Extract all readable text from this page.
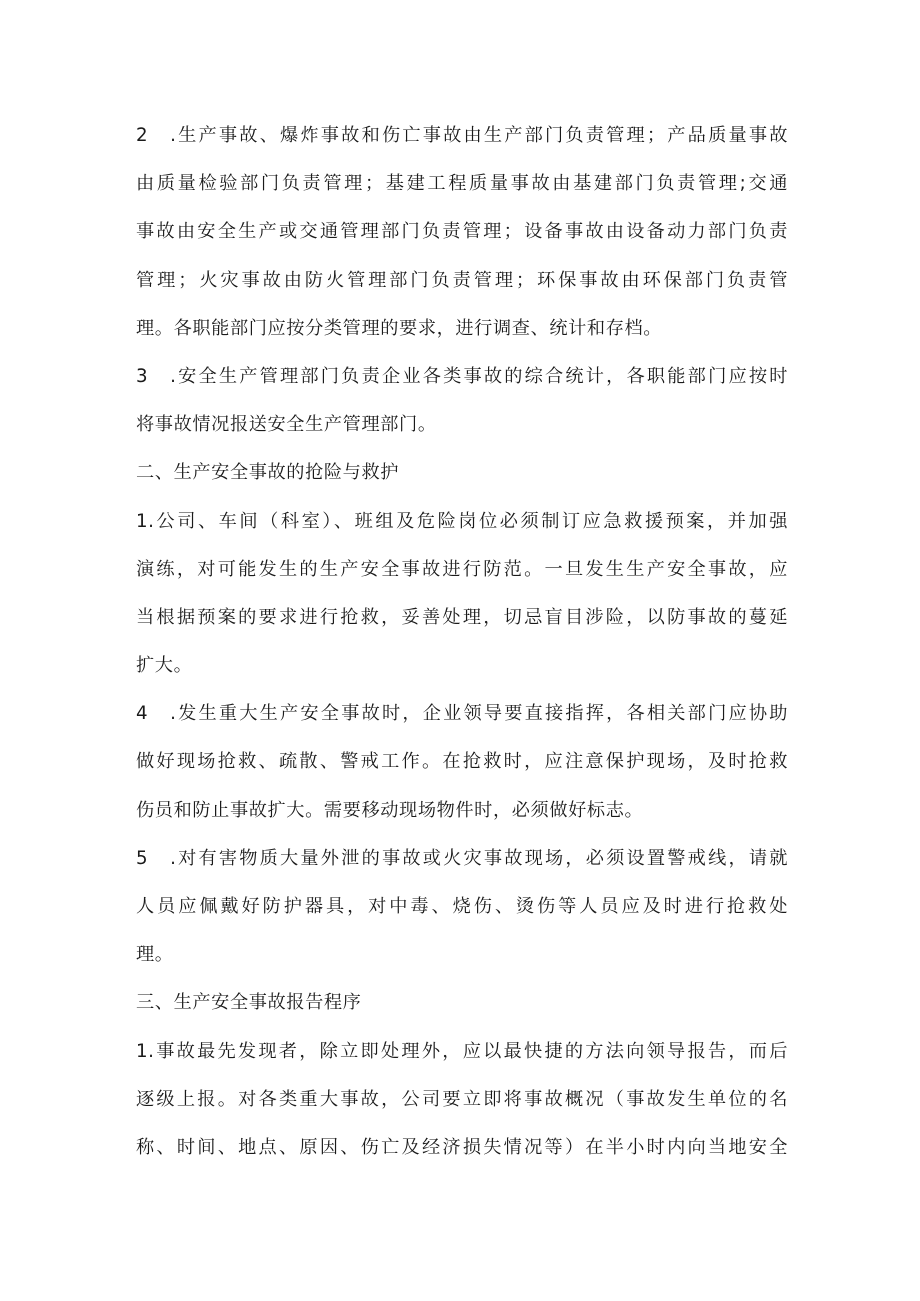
2　.生产事故、爆炸事故和伤亡事故由生产部门负责管理；产品质量事故
由质量检验部门负责管理；基建工程质量事故由基建部门负责管理;交通
事故由安全生产或交通管理部门负责管理；设备事故由设备动力部门负责
管理；火灾事故由防火管理部门负责管理；环保事故由环保部门负责管
理。各职能部门应按分类管理的要求，进行调查、统计和存档。
3　.安全生产管理部门负责企业各类事故的综合统计，各职能部门应按时
将事故情况报送安全生产管理部门。
二、生产安全事故的抢险与救护
1.公司、车间（科室）、班组及危险岗位必须制订应急救援预案，并加强
演练，对可能发生的生产安全事故进行防范。一旦发生生产安全事故，应
当根据预案的要求进行抢救，妥善处理，切忌盲目涉险，以防事故的蔓延
扩大。
4　.发生重大生产安全事故时，企业领导要直接指挥，各相关部门应协助
做好现场抢救、疏散、警戒工作。在抢救时，应注意保护现场，及时抢救
伤员和防止事故扩大。需要移动现场物件时，必须做好标志。
5　.对有害物质大量外泄的事故或火灾事故现场，必须设置警戒线，请就
人员应佩戴好防护器具，对中毒、烧伤、烫伤等人员应及时进行抢救处
理。
三、生产安全事故报告程序
1.事故最先发现者，除立即处理外，应以最快捷的方法向领导报告，而后
逐级上报。对各类重大事故，公司要立即将事故概况（事故发生单位的名
称、时间、地点、原因、伤亡及经济损失情况等）在半小时内向当地安全
